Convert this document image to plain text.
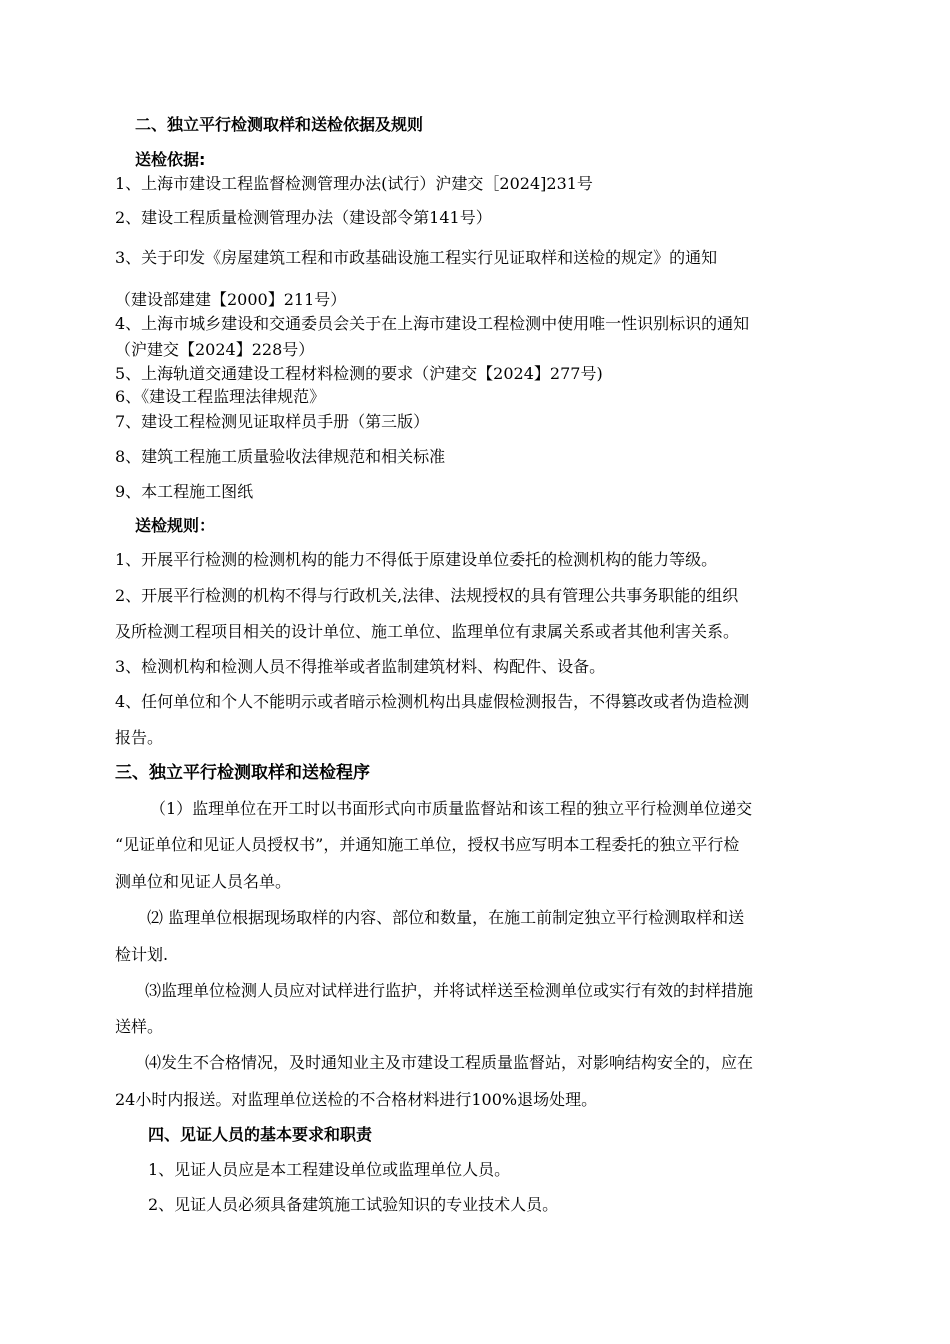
二、独立平行检测取样和送检依据及规则
送检依据:
1、上海市建设工程监督检测管理办法(试行）沪建交［2024]231号
2、建设工程质量检测管理办法（建设部令第141号）
3、关于印发《房屋建筑工程和市政基础设施工程实行见证取样和送检的规定》的通知
（建设部建建【2000】211号）
4、上海市城乡建设和交通委员会关于在上海市建设工程检测中使用唯一性识别标识的通知
（沪建交【2024】228号）
5、上海轨道交通建设工程材料检测的要求（沪建交【2024】277号)
6、《建设工程监理法律规范》
7、建设工程检测见证取样员手册（第三版）
8、建筑工程施工质量验收法律规范和相关标准
9、本工程施工图纸
送检规则：
1、开展平行检测的检测机构的能力不得低于原建设单位委托的检测机构的能力等级。
2、开展平行检测的机构不得与行政机关,法律、法规授权的具有管理公共事务职能的组织
及所检测工程项目相关的设计单位、施工单位、监理单位有隶属关系或者其他利害关系。
3、检测机构和检测人员不得推举或者监制建筑材料、构配件、设备。
4、任何单位和个人不能明示或者暗示检测机构出具虚假检测报告，不得篡改或者伪造检测
报告。
三、独立平行检测取样和送检程序
（1）监理单位在开工时以书面形式向市质量监督站和该工程的独立平行检测单位递交
“见证单位和见证人员授权书”，并通知施工单位，授权书应写明本工程委托的独立平行检
测单位和见证人员名单。
⑵ 监理单位根据现场取样的内容、部位和数量，在施工前制定独立平行检测取样和送
检计划.
⑶监理单位检测人员应对试样进行监护，并将试样送至检测单位或实行有效的封样措施
送样。
⑷发生不合格情况，及时通知业主及市建设工程质量监督站，对影响结构安全的，应在
24小时内报送。对监理单位送检的不合格材料进行100%退场处理。
四、见证人员的基本要求和职责
1、见证人员应是本工程建设单位或监理单位人员。
2、见证人员必须具备建筑施工试验知识的专业技术人员。
